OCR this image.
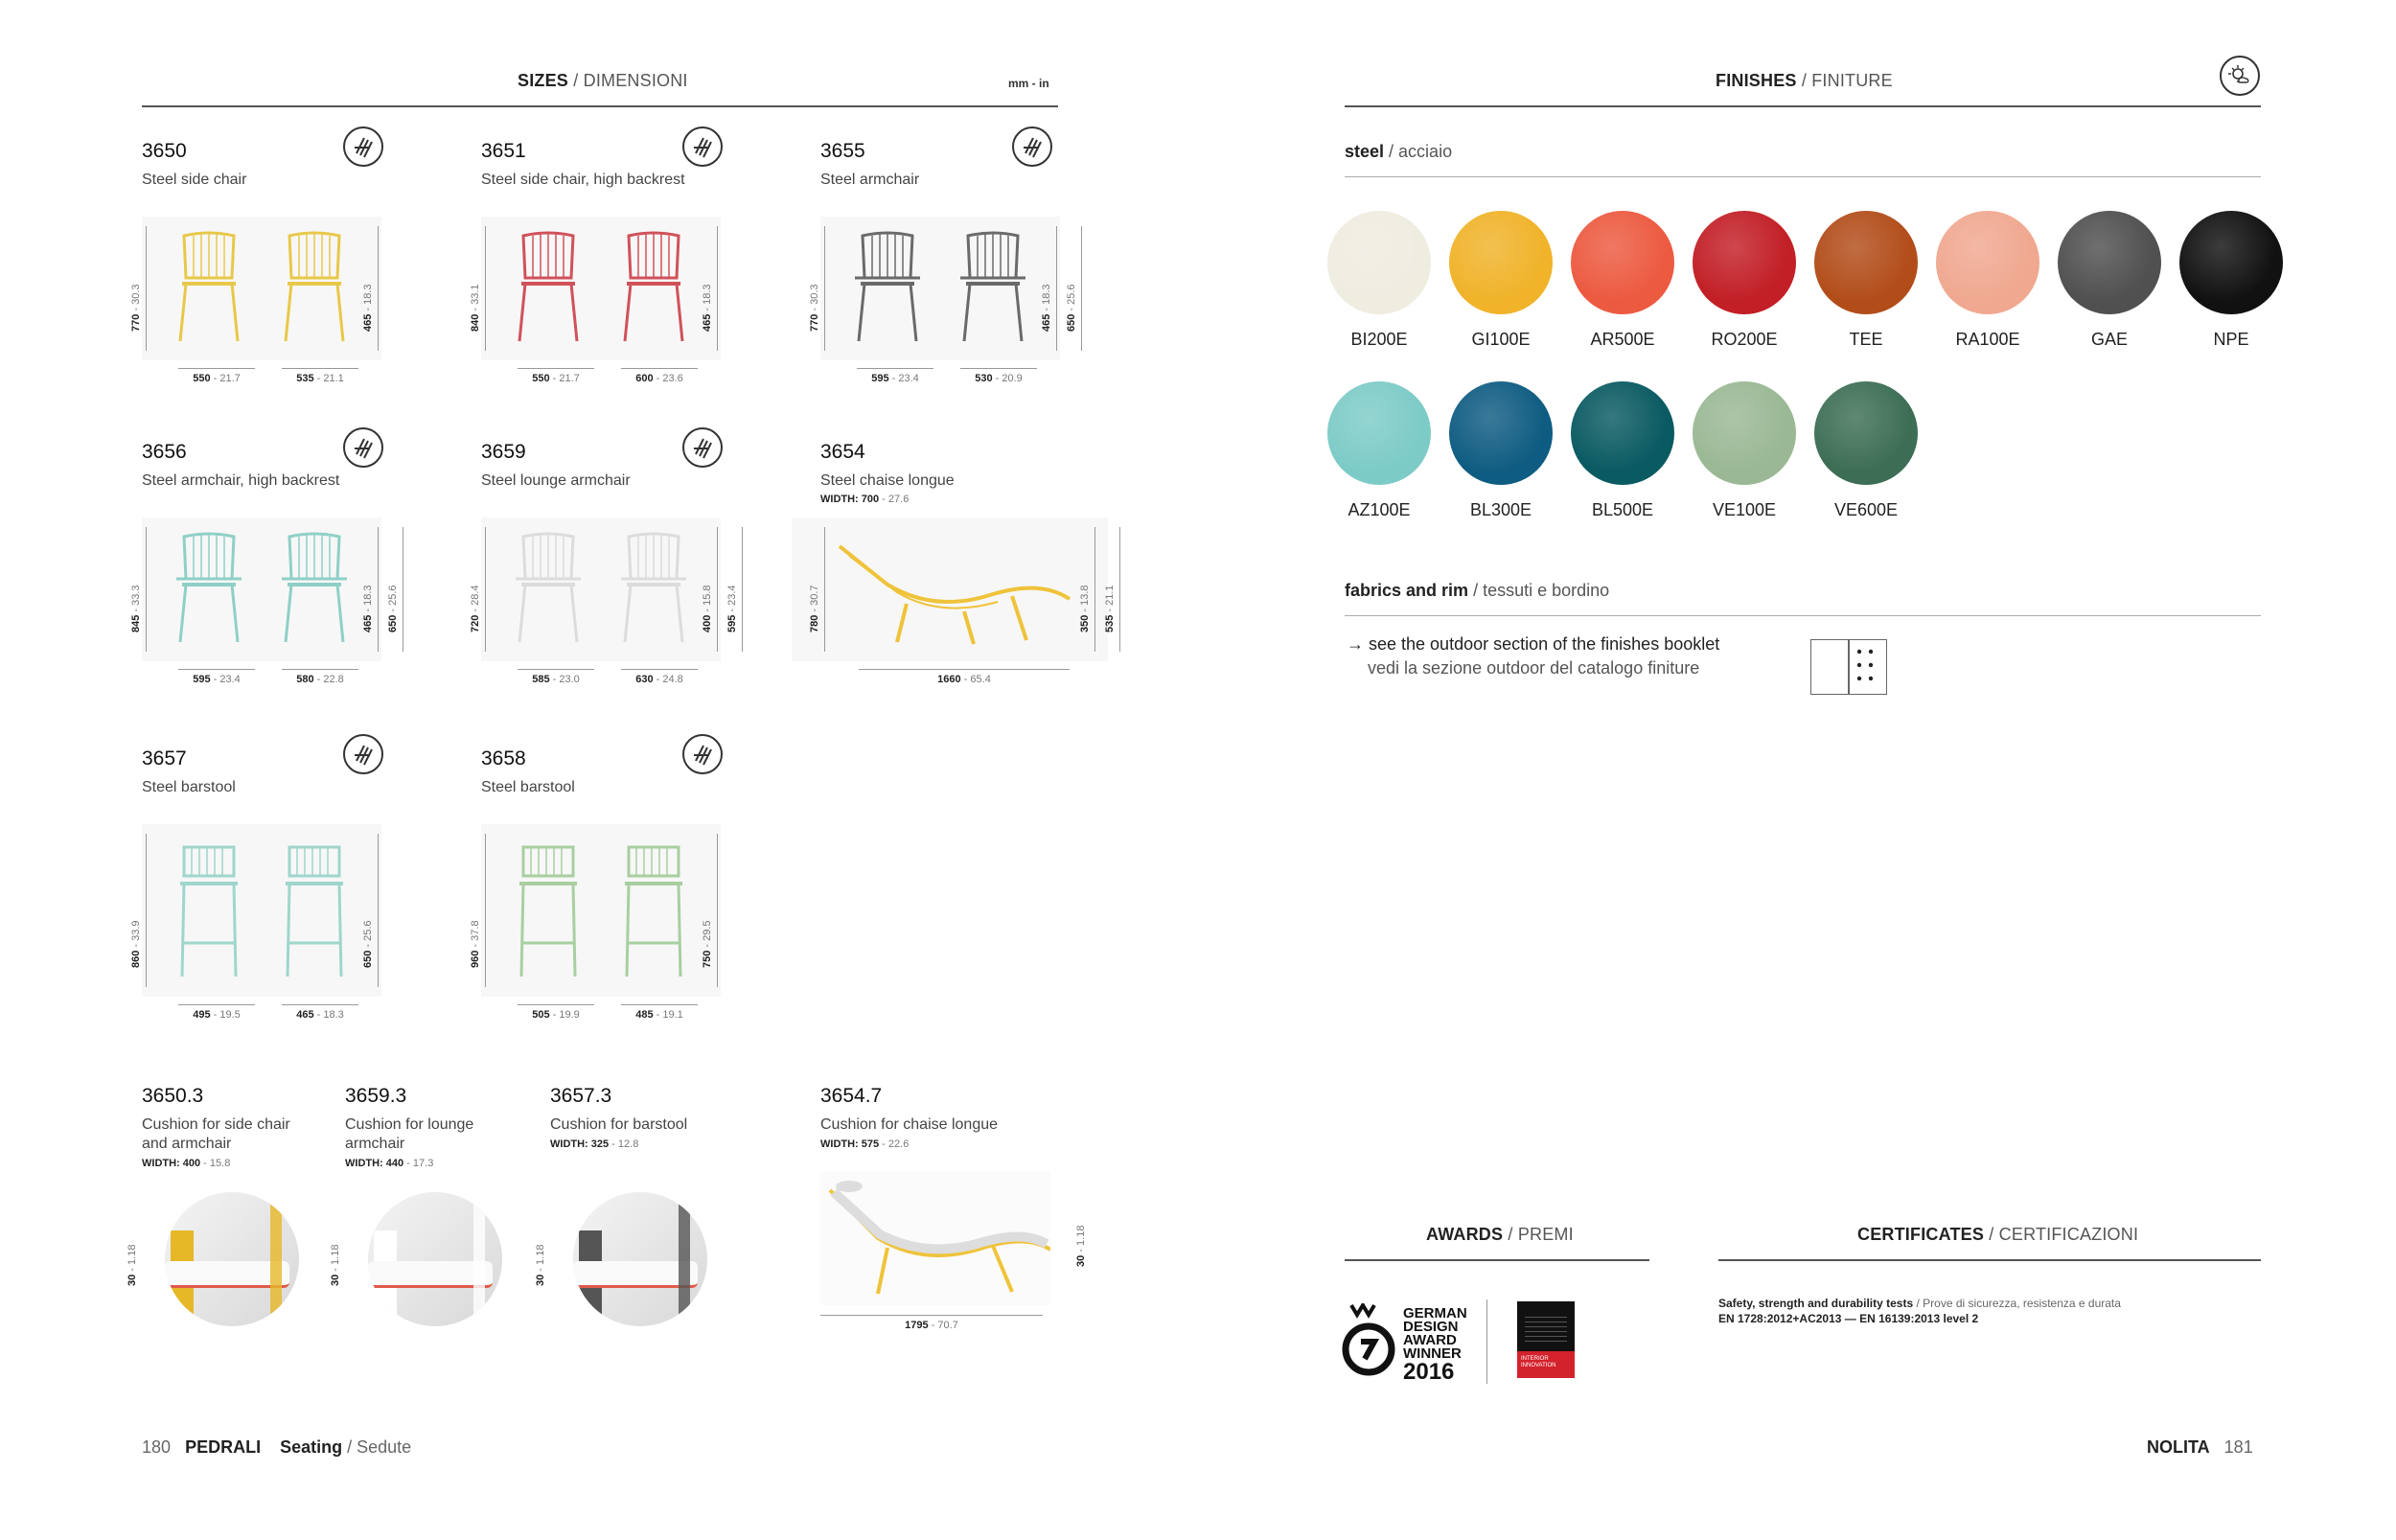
SIZES / DIMENSIONI	mm - in
3650
Steel side chair
770 - 30.3
465 - 18.3
550 - 21.7	535 - 21.1
3651
Steel side chair, high backrest
840 - 33.1
465 - 18.3
550 - 21.7	600 - 23.6
3655
Steel armchair
770 - 30.3
465 - 18.3
650 - 25.6
595 - 23.4	530 - 20.9
3656
Steel armchair, high backrest
845 - 33.3
465 - 18.3
650 - 25.6
595 - 23.4	580 - 22.8
3659
Steel lounge armchair
720 - 28.4
400 - 15.8
595 - 23.4
585 - 23.0	630 - 24.8
3654
Steel chaise longue
WIDTH: 700 - 27.6
780 - 30.7
350 - 13.8
535 - 21.1
1660 - 65.4
3657
Steel barstool
860 - 33.9
650 - 25.6
495 - 19.5	465 - 18.3
3658
Steel barstool
960 - 37.8
750 - 29.5
505 - 19.9	485 - 19.1
3650.3
Cushion for side chair
and armchair
WIDTH: 400 - 15.8
30 - 1.18
3659.3
Cushion for lounge
armchair
WIDTH: 440 - 17.3
30 - 1.18
3657.3
Cushion for barstool
WIDTH: 325 - 12.8
30 - 1.18
3654.7
Cushion for chaise longue
WIDTH: 575 - 22.6
30 - 1.18
1795 - 70.7
180 PEDRALI Seating / Sedute
FINISHES / FINITURE
steel / acciaio
BI200E	GI100E	AR500E	RO200E	TEE	RA100E	GAE	NPE
AZ100E	BL300E	BL500E	VE100E	VE600E
fabrics and rim / tessuti e bordino
→ see the outdoor section of the finishes booklet
vedi la sezione outdoor del catalogo finiture
AWARDS / PREMI
GERMAN
DESIGN
AWARD
WINNER
2016	INTERIOR INNOVATION
CERTIFICATES / CERTIFICAZIONI
Safety, strength and durability tests / Prove di sicurezza, resistenza e durata
EN 1728:2012+AC2013 — EN 16139:2013 level 2
NOLITA 181
